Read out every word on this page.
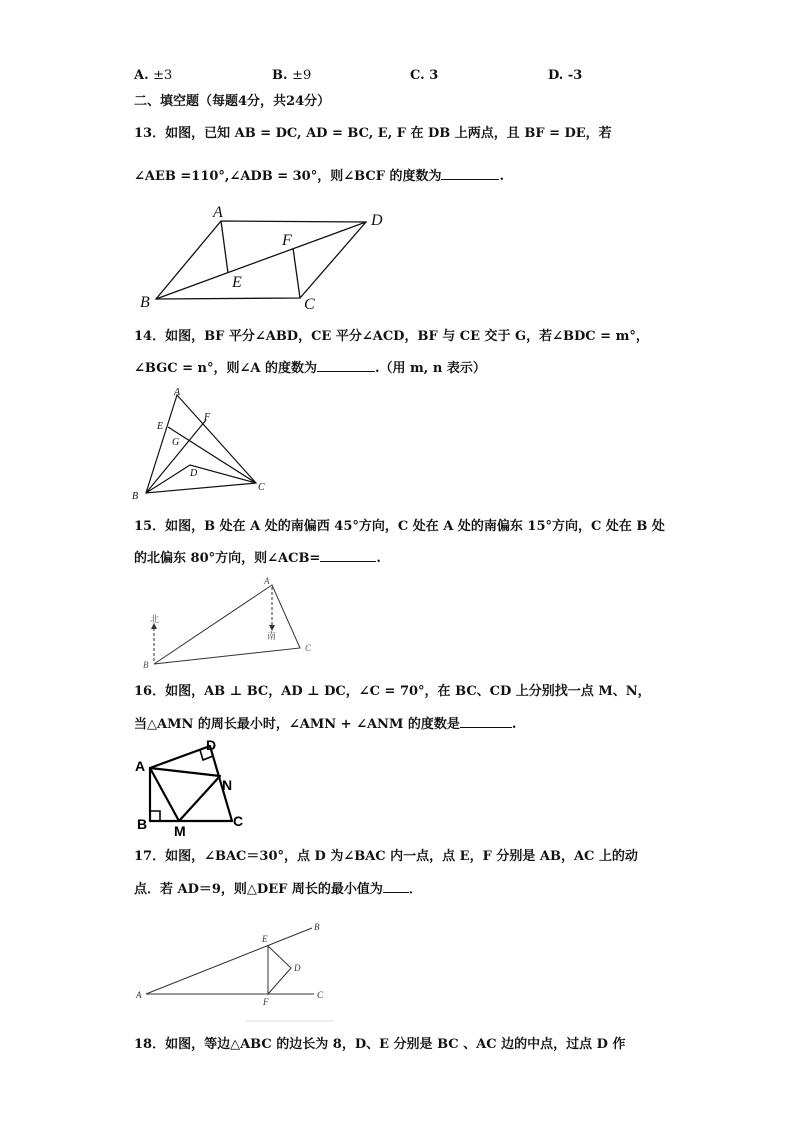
A. ±3	B. ±9	C. 3	D. -3
二、填空题（每题4分，共24分）
13．如图，已知 AB = DC, AD = BC, E, F 在 DB 上两点，且 BF = DE，若
∠AEB =110°,∠ADB = 30°，则∠BCF 的度数为	.
A	D
F
E
B	C
14．如图，BF 平分∠ABD，CE 平分∠ACD，BF 与 CE 交于 G，若∠BDC = m°，
∠BGC = n°，则∠A 的度数为	.（用 m, n 表示）
A
F
E
G
D
B
C
15．如图，B 处在 A 处的南偏西 45°方向，C 处在 A 处的南偏东 15°方向，C 处在 B 处
的北偏东 80°方向，则∠ACB=	.
A
B
C
北
南
16．如图，AB ⊥ BC，AD ⊥ DC，∠C = 70°，在 BC、CD 上分别找一点 M、N，
当△AMN 的周长最小时，∠AMN + ∠ANM 的度数是	.
A
D
N
B M
C
17．如图，∠BAC＝30°，点 D 为∠BAC 内一点，点 E，F 分别是 AB，AC 上的动
点．若 AD＝9，则△DEF 周长的最小值为 ．
A
B
C
D
E
F
18．如图，等边△ABC 的边长为 8，D、E 分别是 BC 、AC 边的中点，过点 D 作
